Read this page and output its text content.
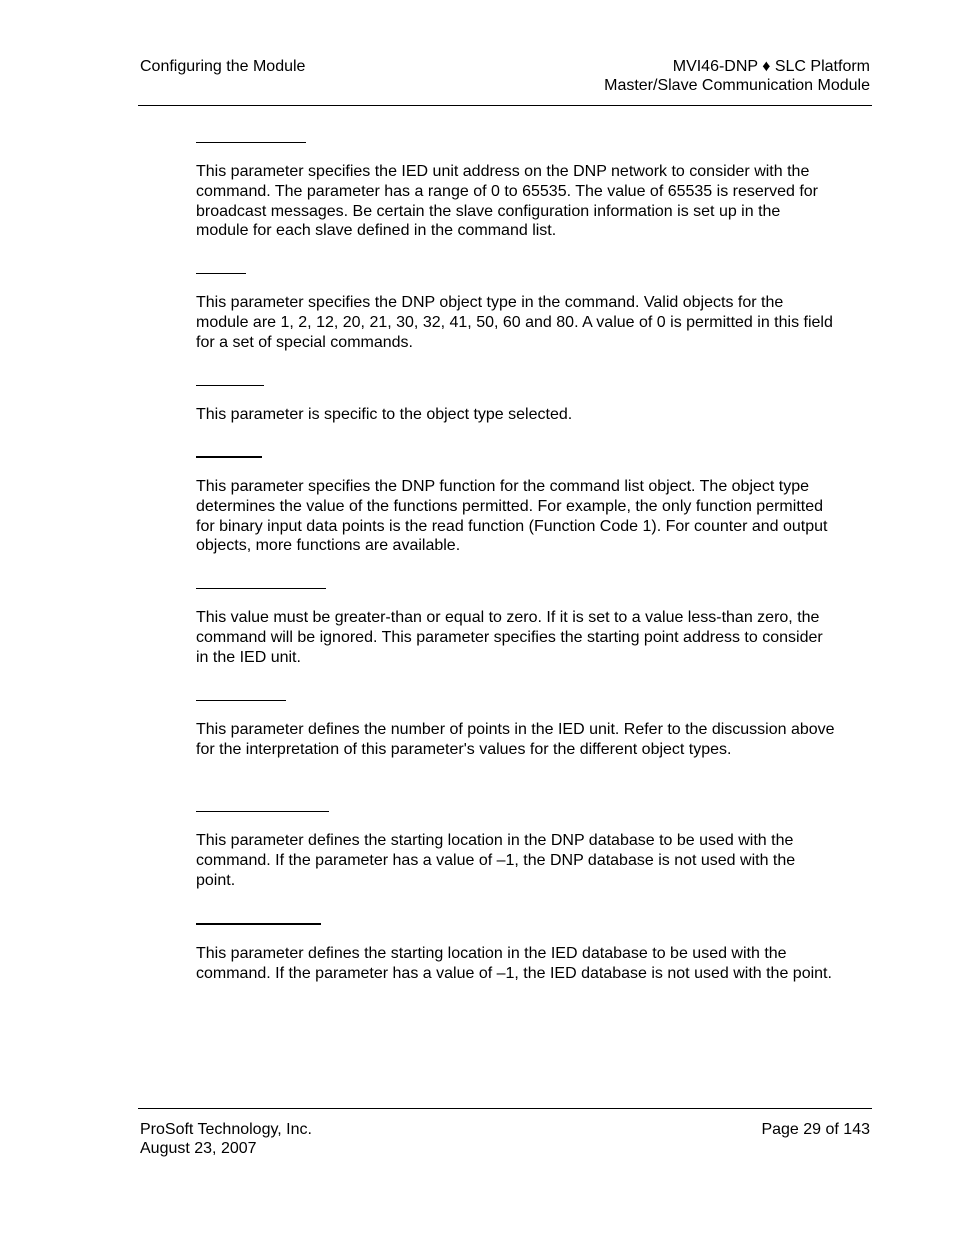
Configuring the Module	MVI46-DNP ♦ SLC Platform
Master/Slave Communication Module
This parameter specifies the IED unit address on the DNP network to consider with the command. The parameter has a range of 0 to 65535. The value of 65535 is reserved for broadcast messages. Be certain the slave configuration information is set up in the module for each slave defined in the command list.
This parameter specifies the DNP object type in the command. Valid objects for the module are 1, 2, 12, 20, 21, 30, 32, 41, 50, 60 and 80. A value of 0 is permitted in this field for a set of special commands.
This parameter is specific to the object type selected.
This parameter specifies the DNP function for the command list object. The object type determines the value of the functions permitted. For example, the only function permitted for binary input data points is the read function (Function Code 1). For counter and output objects, more functions are available.
This value must be greater-than or equal to zero. If it is set to a value less-than zero, the command will be ignored. This parameter specifies the starting point address to consider in the IED unit.
This parameter defines the number of points in the IED unit. Refer to the discussion above for the interpretation of this parameter's values for the different object types.
This parameter defines the starting location in the DNP database to be used with the command. If the parameter has a value of –1, the DNP database is not used with the point.
This parameter defines the starting location in the IED database to be used with the command. If the parameter has a value of –1, the IED database is not used with the point.
ProSoft Technology, Inc.
August 23, 2007
Page 29 of 143
